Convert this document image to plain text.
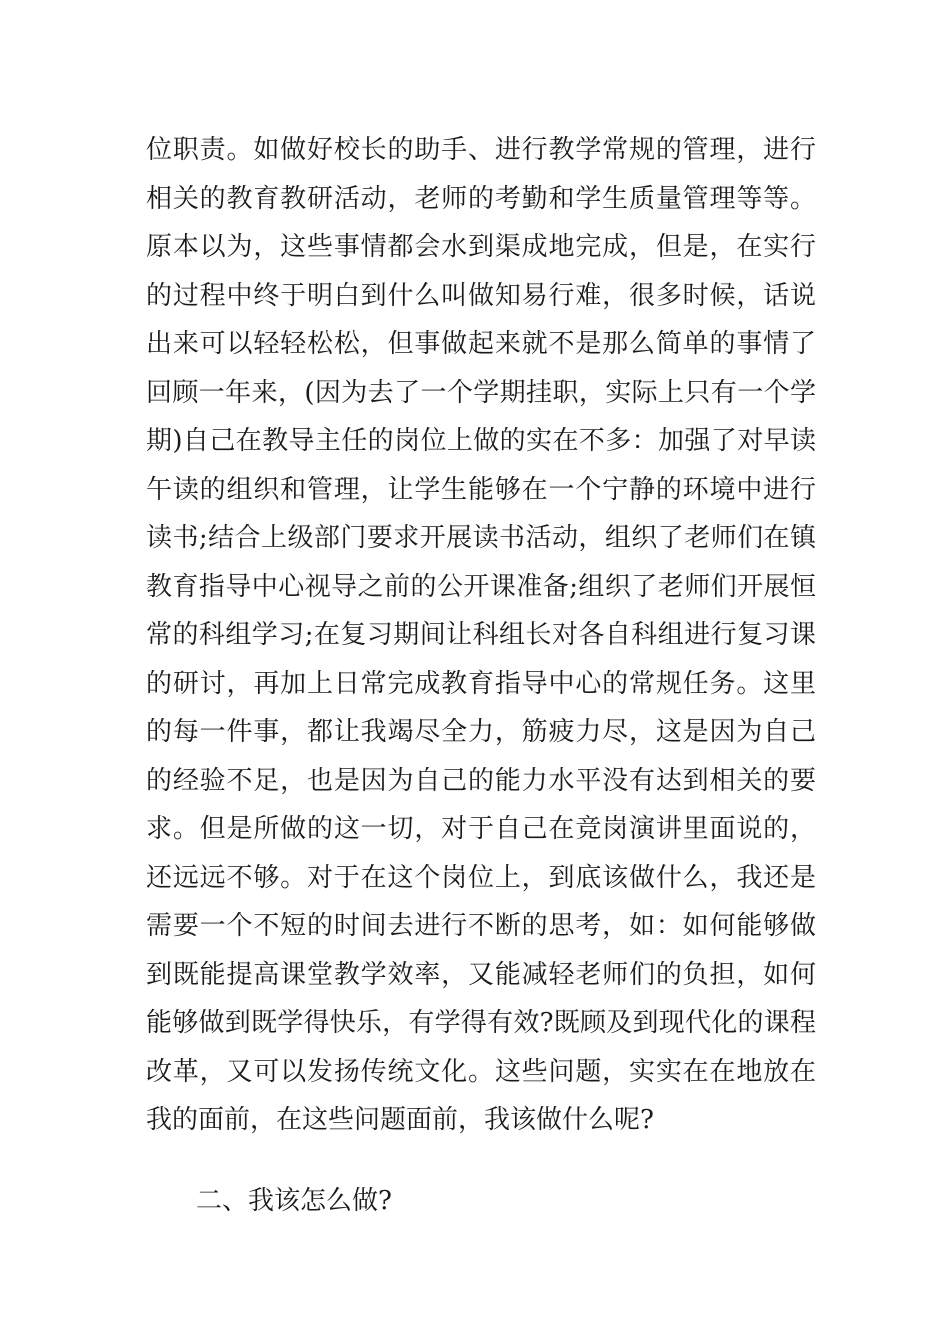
位职责。如做好校长的助手、进行教学常规的管理，进行
相关的教育教研活动，老师的考勤和学生质量管理等等。
原本以为，这些事情都会水到渠成地完成，但是，在实行
的过程中终于明白到什么叫做知易行难，很多时候，话说
出来可以轻轻松松，但事做起来就不是那么简单的事情了
回顾一年来，(因为去了一个学期挂职，实际上只有一个学
期)自己在教导主任的岗位上做的实在不多：加强了对早读
午读的组织和管理，让学生能够在一个宁静的环境中进行
读书;结合上级部门要求开展读书活动，组织了老师们在镇
教育指导中心视导之前的公开课准备;组织了老师们开展恒
常的科组学习;在复习期间让科组长对各自科组进行复习课
的研讨，再加上日常完成教育指导中心的常规任务。这里
的每一件事，都让我竭尽全力，筋疲力尽，这是因为自己
的经验不足，也是因为自己的能力水平没有达到相关的要
求。但是所做的这一切，对于自己在竞岗演讲里面说的，
还远远不够。对于在这个岗位上，到底该做什么，我还是
需要一个不短的时间去进行不断的思考，如：如何能够做
到既能提高课堂教学效率，又能减轻老师们的负担，如何
能够做到既学得快乐，有学得有效?既顾及到现代化的课程
改革，又可以发扬传统文化。这些问题，实实在在地放在
我的面前，在这些问题面前，我该做什么呢?
二、我该怎么做?
